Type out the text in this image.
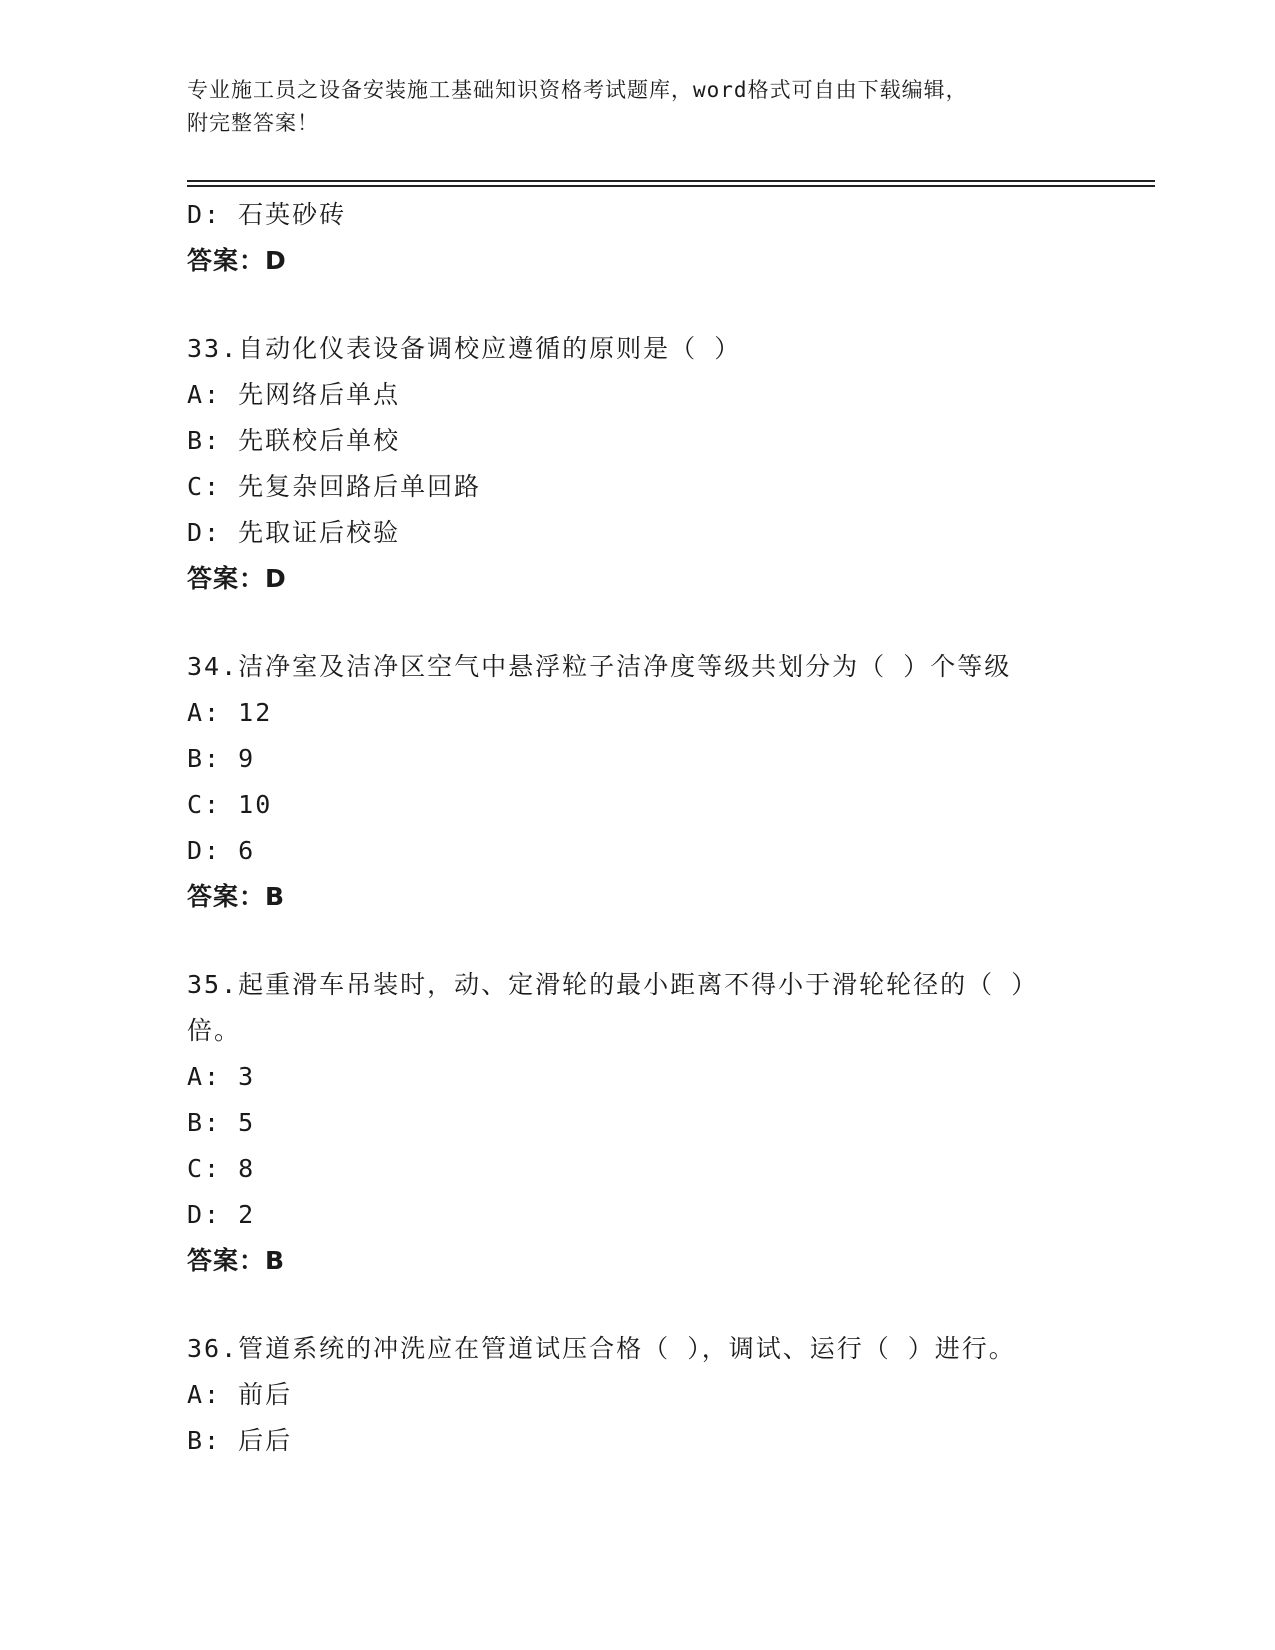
专业施工员之设备安装施工基础知识资格考试题库，word格式可自由下载编辑，
附完整答案！
D: 石英砂砖
答案：D
33.自动化仪表设备调校应遵循的原则是（ ）
A: 先网络后单点
B: 先联校后单校
C: 先复杂回路后单回路
D: 先取证后校验
答案：D
34.洁净室及洁净区空气中悬浮粒子洁净度等级共划分为（ ）个等级
A: 12
B: 9
C: 10
D: 6
答案：B
35.起重滑车吊装时，动、定滑轮的最小距离不得小于滑轮轮径的（ ）倍。
A: 3
B: 5
C: 8
D: 2
答案：B
36.管道系统的冲洗应在管道试压合格（ ），调试、运行（ ）进行。
A: 前后
B: 后后
